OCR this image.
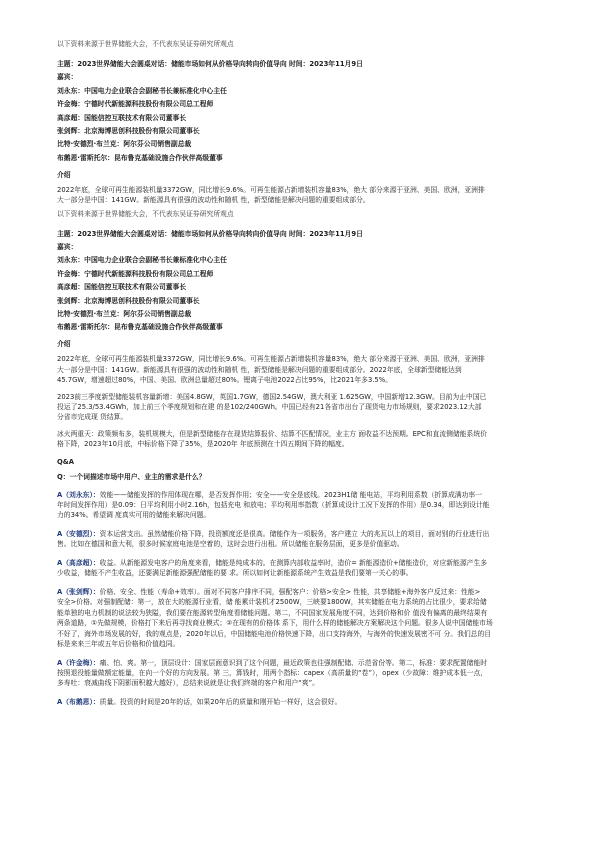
以下资料来源于世界储能大会，不代表东吴证券研究所观点
主题：2023世界储能大会圆桌对话：储能市场如何从价格导向转向价值导向 时间：2023年11月9日
嘉宾：
刘永东：中国电力企业联合会副秘书长兼标准化中心主任
许金梅：宁德时代新能源科技股份有限公司总工程师
高彦超：国能信控互联技术有限公司董事长
张剑辉：北京海博思创科技股份有限公司董事长
比特·安德烈·布兰克：阿尔芬公司销售副总裁
布鹅恩·雷斯托尔：昆布鲁克基础设施合作伙伴高级董事
介绍
2022年底，全球可再生能源装机量3372GW，同比增长9.6%。可再生能源占新增装机容量83%，绝大 部分来源于亚洲、美国、欧洲，亚洲排
大一部分是中国：141GW。新能源具有很强的波动性和随机 性，新型储能是解决问题的重要组成部分。
以下资料来源于世界储能大会，不代表东吴证券研究所观点
主题：2023世界储能大会圆桌对话：储能市场如何从价格导向转向价值导向 时间：2023年11月9日
嘉宾：
刘永东：中国电力企业联合会副秘书长兼标准化中心主任
许金梅：宁德时代新能源科技股份有限公司总工程师
高彦超：国能信控互联技术有限公司董事长
张剑辉：北京海博思创科技股份有限公司董事长
比特·安德烈·布兰克：阿尔芬公司销售副总裁
布鹅恩·雷斯托尔：昆布鲁克基础设施合作伙伴高级董事
介绍
2022年底，全球可再生能源装机量3372GW，同比增长9.6%。可再生能源占新增装机容量83%，绝大 部分来源于亚洲、美国、欧洲，亚洲排
大一部分是中国：141GW。新能源具有很强的波动性和随机 性，新型储能是解决问题的重要组成部分。2022年底，全球新型储能达到
45.7GW，增速超过80%，中国、美国、欧洲总量超过80%。锂离子电池2022占比95%，比2021年多3.5%。
2023前三季度新型储能装机容量新增：美国4.8GW，英国1.7GW，德国2.54GW，澳大利亚 1.625GW，中国新增12.3GW。目前为止中国已
投运了25.3/53.4GWh，加上前三个季度规划和在建 的是102/240GWh。中国已经有21各省市出台了现货电力市场规则，要求2023.12大部
分省市完成现 货结算。
冰火两重天：政策频布多，装机规模大，但是新型储能存在现货结算报价、结算不匹配情况，业主方 面收益不达预期。EPC和直流侧储能系统价
格下降，2023年10月底，中标价格下降了35%，是2020年 年底预测在十四五期间下降的幅度。
Q&A
Q：一个词描述市场中用户、业主的需求是什么？
A（刘永东）：效能——储能发挥的作用体现在哪，是否发挥作用；安全——安全是底线。2023H1储 能电站，平均利用系数（折算成满功率一
年时间发挥作用）是0.09：日平均利用小时2.16h，包括充电 和放电；平均利用率指数（折算成设计工况下发挥的作用）是0.34，即达到设计能
力的34%。希望调 度真实可用的储能来解决问题。
A（安德烈）：资本运营支出。虽然储能价格下降，投资额度还是很高。储能作为一项服务，客户建立 大的兆瓦以上的项目，面对别的行业进行出
售。比如在德国和意大利，很多时候家庭电池是空着的，这时会进行出租。所以储能在服务层面，更多是价值驱动。
A（高彦超）：收益。从新能源发电客户的角度来看，储能是纯成本的。在测算内部收益率时，造价= 新能源造价+储能造价，对应新能源产生多
少收益，储能不产生收益，还要满足新能源强配储能的要 求。所以如何让新能源系统产生效益是我们要第一关心的事。
A（张剑辉）：价格、安全、性能（寿命+效率）。面对不同客户排序不同，强配客户：价格>安全> 性能，共享储能+海外客户反过来：性能>
安全>价格。对强制配储：第一，放在大的能源行业看，储 能累计装机才2500W，三峡要1800W，其实储能在电力系统的占比很少，要求给储
能单独的电力机制的说法较为狭隘，我们要在能源转型角度看储能问题。第二，不同国家发展角度不同，达到价格和价 值没有偏离的最终结果有
两条道路，①先做规模，价格打下来后再寻找商业模式；②在现有的价格体 系下，用什么样的储能解决方案解决这个问题。很多人说中国储能市场
不好了，海外市场发展的好，我的观点是，2020年以后，中国储能电池价格快速下降，出口支持海外，与海外的快速发展密不可 分。我们总的目
标是来来三年或五年后价格和价值趋同。
A（许金梅）：痛、怕、爽。第一，顶层设计：国家层面意识到了这个问题，最近政策也往强制配储、示范省份等。第二，标准：要求配置储能时
按照退役能量做额定能量，在向一个好的方向发展。第 三，算钱时，用两个指标：capex（高质量的“卷”），opex（少故障：维护成本低一点，
多寿吐：衰减曲线下阴影面积越大越好），总结来说就是让我们终端的客户和用户“爽”。
A（布鹅恩）：质量。投资的时间是20年的话，如果20年后的质量和刚开始一样好，这会很好。
